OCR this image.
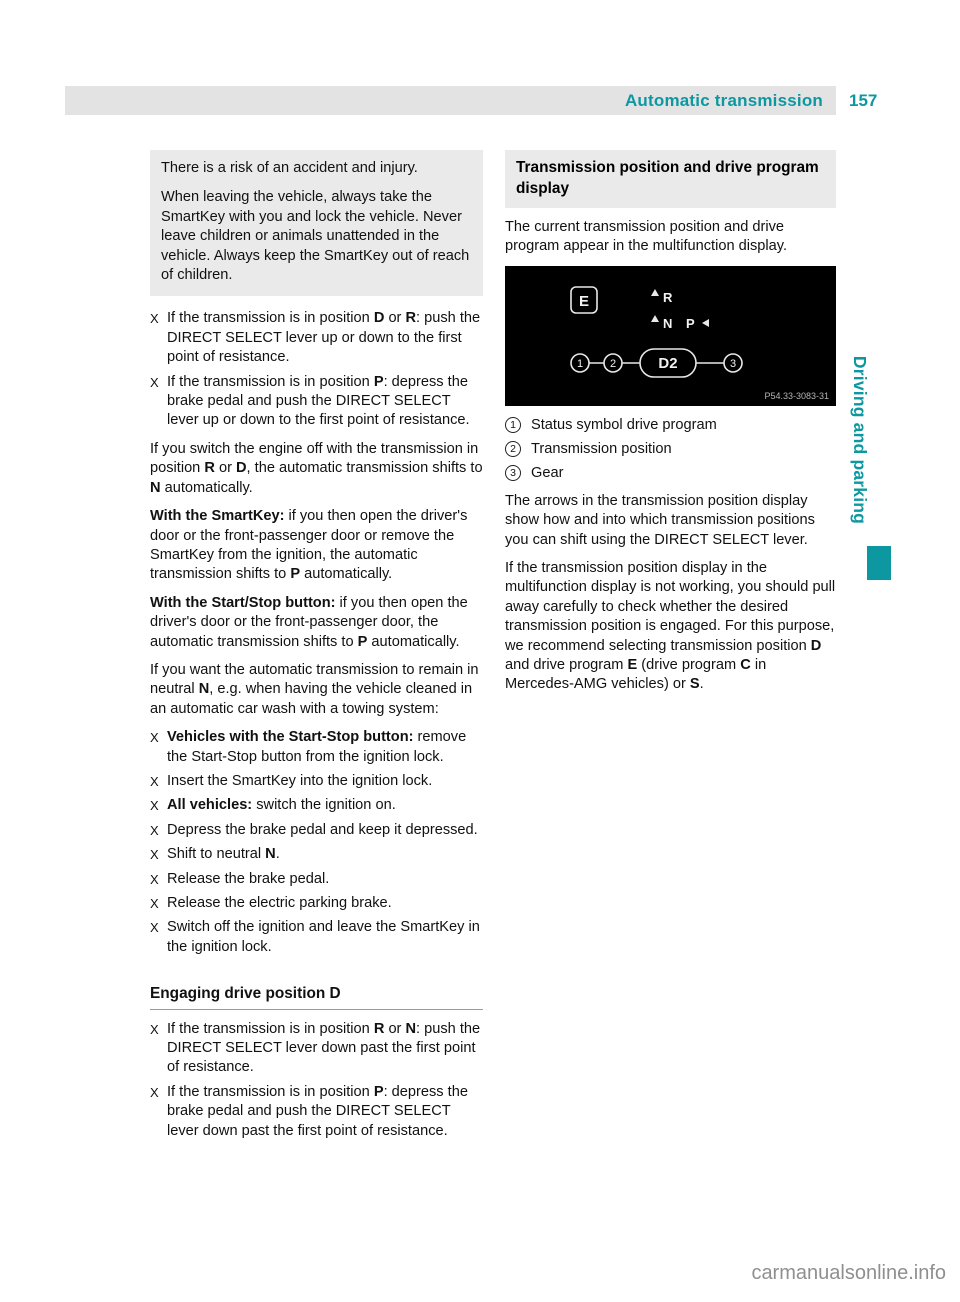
Automatic transmission 157
Driving and parking

There is a risk of an accident and injury.

When leaving the vehicle, always take the SmartKey with you and lock the vehicle. Never leave children or animals unattended in the vehicle. Always keep the SmartKey out of reach of children.

X If the transmission is in position D or R: push the DIRECT SELECT lever up or down to the first point of resistance.
X If the transmission is in position P: depress the brake pedal and push the DIRECT SELECT lever up or down to the first point of resistance.

If you switch the engine off with the transmission in position R or D, the automatic transmission shifts to N automatically.

With the SmartKey: if you then open the driver's door or the front-passenger door or remove the SmartKey from the ignition, the automatic transmission shifts to P automatically.

With the Start/Stop button: if you then open the driver's door or the front-passenger door, the automatic transmission shifts to P automatically.

If you want the automatic transmission to remain in neutral N, e.g. when having the vehicle cleaned in an automatic car wash with a towing system:

X Vehicles with the Start-Stop button: remove the Start-Stop button from the ignition lock.
X Insert the SmartKey into the ignition lock.
X All vehicles: switch the ignition on.
X Depress the brake pedal and keep it depressed.
X Shift to neutral N.
X Release the brake pedal.
X Release the electric parking brake.
X Switch off the ignition and leave the SmartKey in the ignition lock.
Engaging drive position D
X If the transmission is in position R or N: push the DIRECT SELECT lever down past the first point of resistance.
X If the transmission is in position P: depress the brake pedal and push the DIRECT SELECT lever down past the first point of resistance.
Transmission position and drive program display

The current transmission position and drive program appear in the multifunction display.

E	R
N P
1 2	D2	3
P54.33-3083-31
1	Status symbol drive program
2	Transmission position
3	Gear

The arrows in the transmission position display show how and into which transmission positions you can shift using the DIRECT SELECT lever.

If the transmission position display in the multifunction display is not working, you should pull away carefully to check whether the desired transmission position is engaged. For this purpose, we recommend selecting transmission position D and drive program E (drive program C in Mercedes-AMG vehicles) or S.

carmanualsonline.info
